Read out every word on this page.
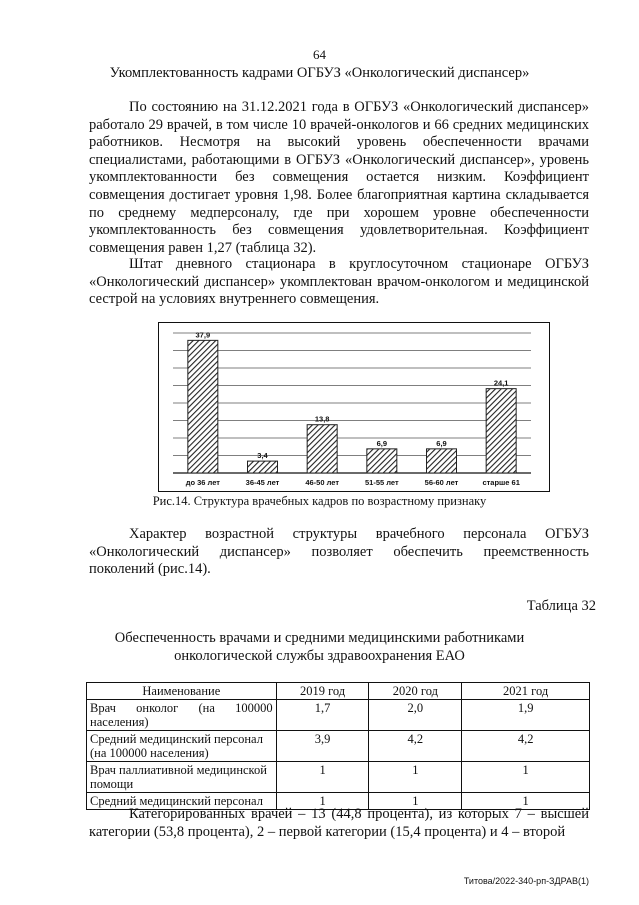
64
Укомплектованность кадрами ОГБУЗ «Онкологический диспансер»

По состоянию на 31.12.2021 года в ОГБУЗ «Онкологический диспансер» работало 29 врачей, в том числе 10 врачей-онкологов и 66 средних медицинских работников. Несмотря на высокий уровень обеспеченности врачами специалистами, работающими в ОГБУЗ «Онкологический диспансер», уровень укомплектованности без совмещения остается низким. Коэффициент совмещения достигает уровня 1,98. Более благоприятная картина складывается по среднему медперсоналу, где при хорошем уровне обеспеченности укомплектованность без совмещения удовлетворительная. Коэффициент совмещения равен 1,27 (таблица 32).

Штат дневного стационара в круглосуточном стационаре ОГБУЗ «Онкологический диспансер» укомплектован врачом-онкологом и медицинской сестрой на условиях внутреннего совмещения.

37,9
3,4
13,8
6,9	6,9
24,1
до 36 лет	36-45 лет	46-50 лет	51-55 лет	56-60 лет	старше 61
Рис.14. Структура врачебных кадров по возрастному признаку

Характер возрастной структуры врачебного персонала ОГБУЗ «Онкологический диспансер» позволяет обеспечить преемственность поколений (рис.14).

Таблица 32
Обеспеченность врачами и средними медицинскими работниками
онкологической службы здравоохранения ЕАО
Наименование	2019 год	2020 год	2021 год
Врач онколог (на 100000 населения)	1,7	2,0	1,9
Средний медицинский персонал (на 100000 населения)	3,9	4,2	4,2
Врач паллиативной медицинской помощи	1	1	1
Средний медицинский персонал	1	1	1

Категорированных врачей – 13 (44,8 процента), из которых 7 – высшей категории (53,8 процента), 2 – первой категории (15,4 процента) и 4 – второй

Титова/2022-340-рп-ЗДРАВ(1)
